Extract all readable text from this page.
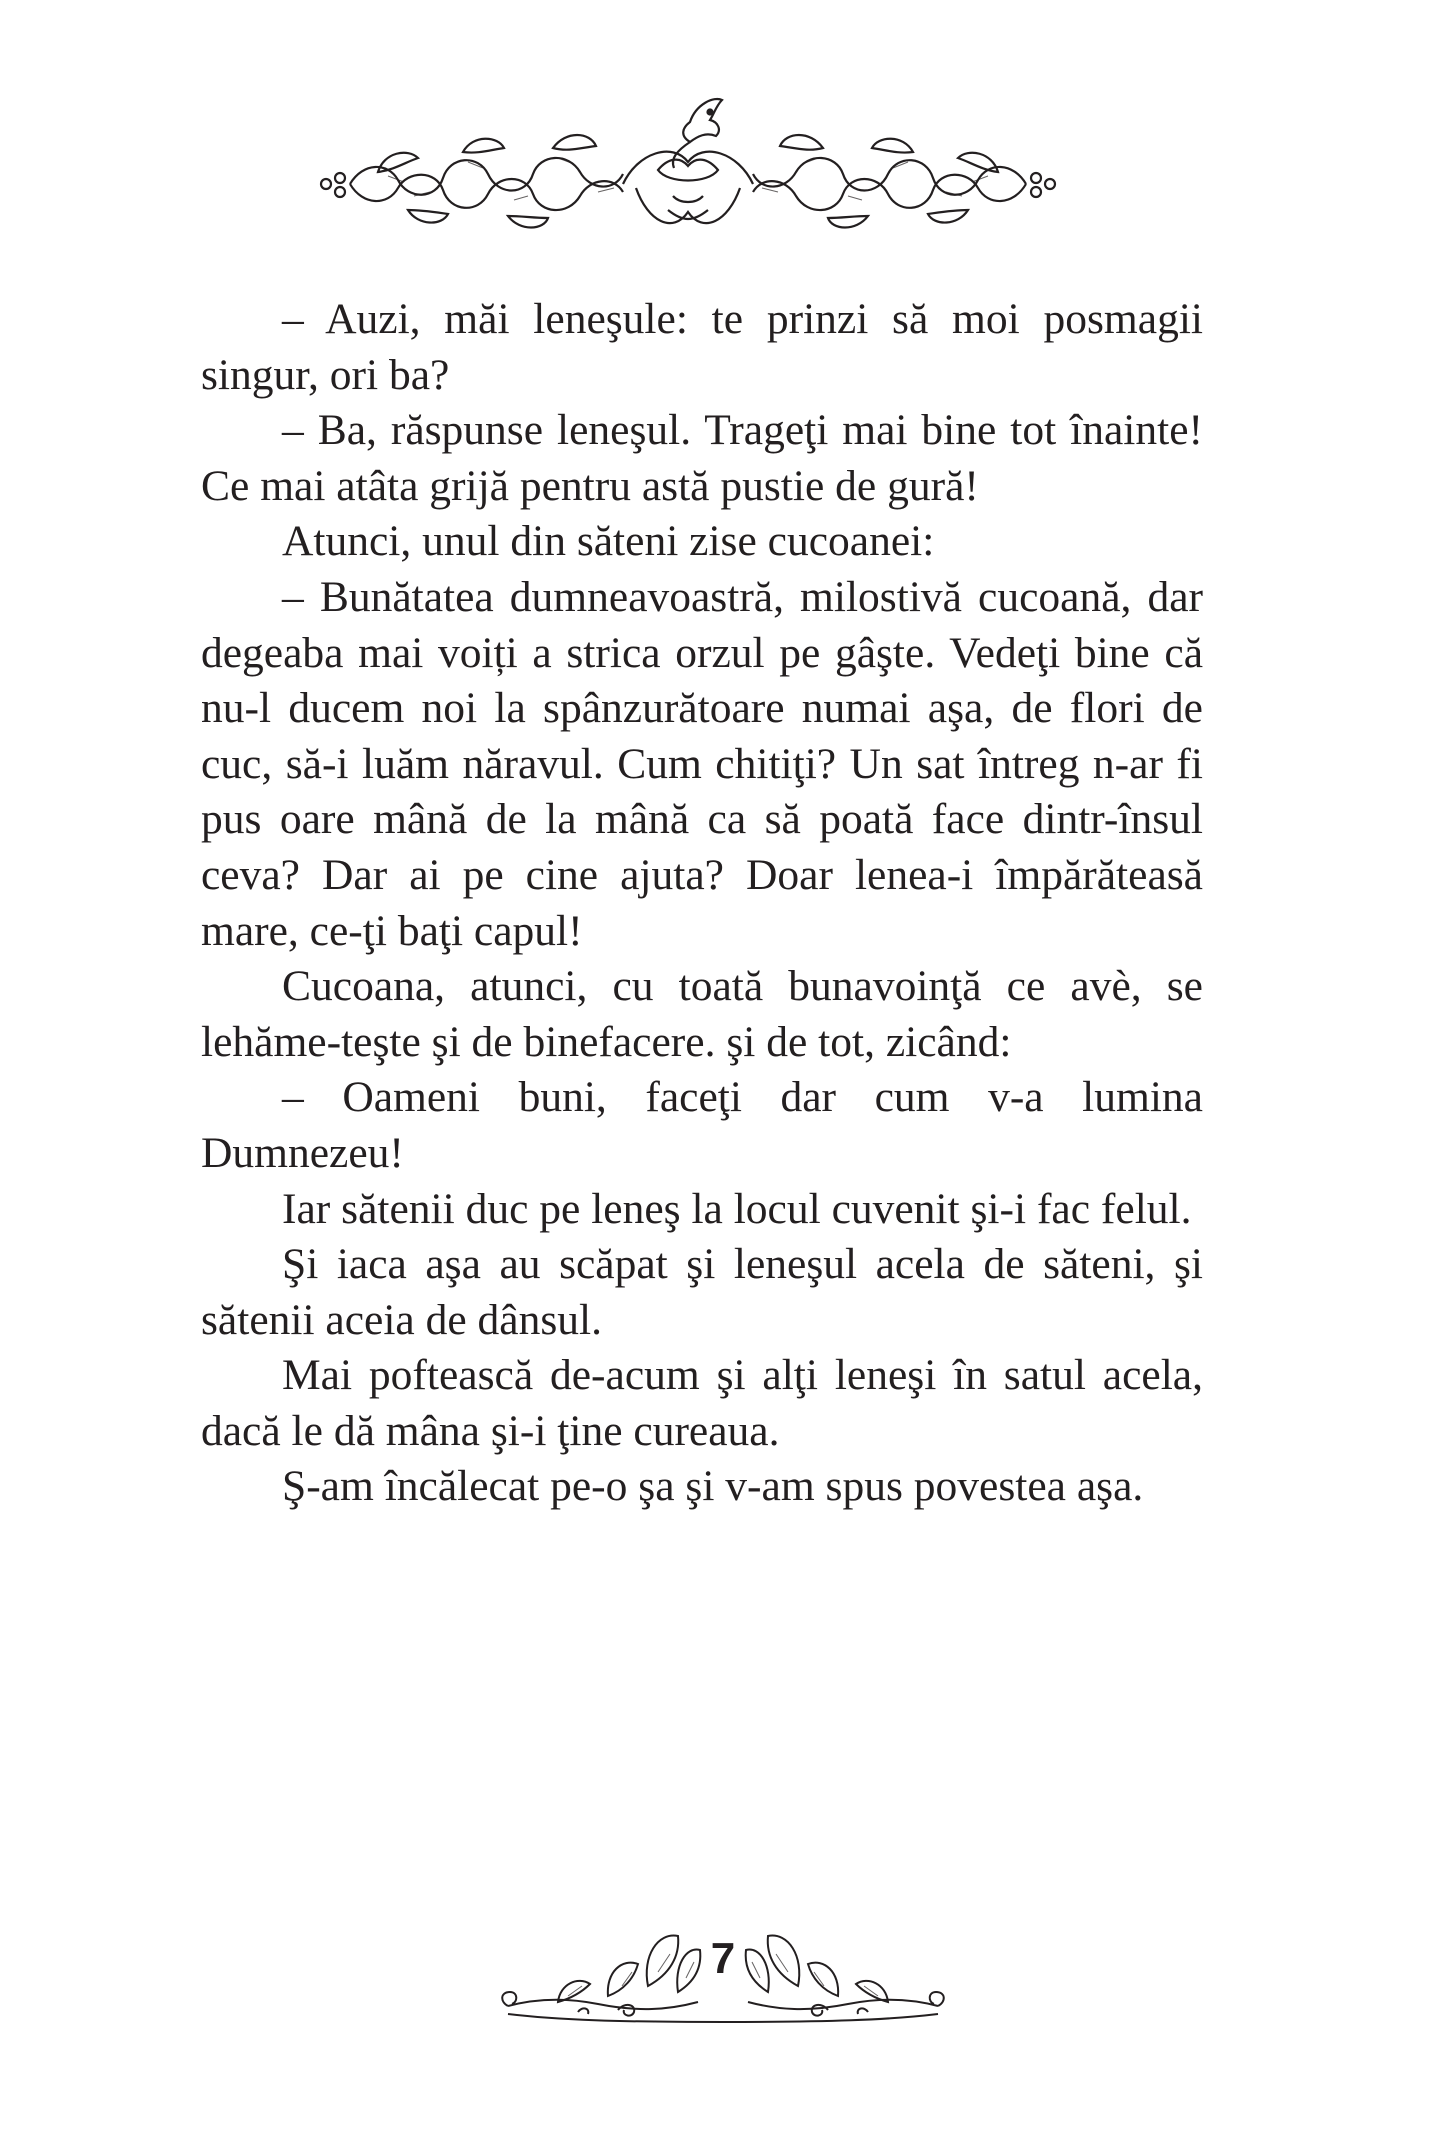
– Auzi, măi leneşule: te prinzi să moi posmagii singur, ori ba?

– Ba, răspunse leneşul. Trageţi mai bine tot înainte! Ce mai atâta grijă pentru astă pustie de gură!

Atunci, unul din săteni zise cucoanei:

– Bunătatea dumneavoastră, milostivă cucoană, dar degeaba mai voiți a strica orzul pe gâşte. Vedeţi bine că nu-l ducem noi la spânzurătoare numai aşa, de flori de cuc, să-i luăm năravul. Cum chitiţi? Un sat întreg n-ar fi pus oare mână de la mână ca să poată face dintr-însul ceva? Dar ai pe cine ajuta? Doar lenea-i împărăteasă mare, ce-ţi baţi capul!

Cucoana, atunci, cu toată bunavoinţă ce avè, se lehăme-teşte şi de binefacere. şi de tot, zicând:

– Oameni buni, faceţi dar cum v-a lumina Dumnezeu!

Iar sătenii duc pe leneş la locul cuvenit şi-i fac felul.

Şi iaca aşa au scăpat şi leneşul acela de săteni, şi sătenii aceia de dânsul.

Mai poftească de-acum şi alţi leneşi în satul acela, dacă le dă mâna şi-i ţine cureaua.

Ş-am încălecat pe-o şa şi v-am spus povestea aşa.

7
